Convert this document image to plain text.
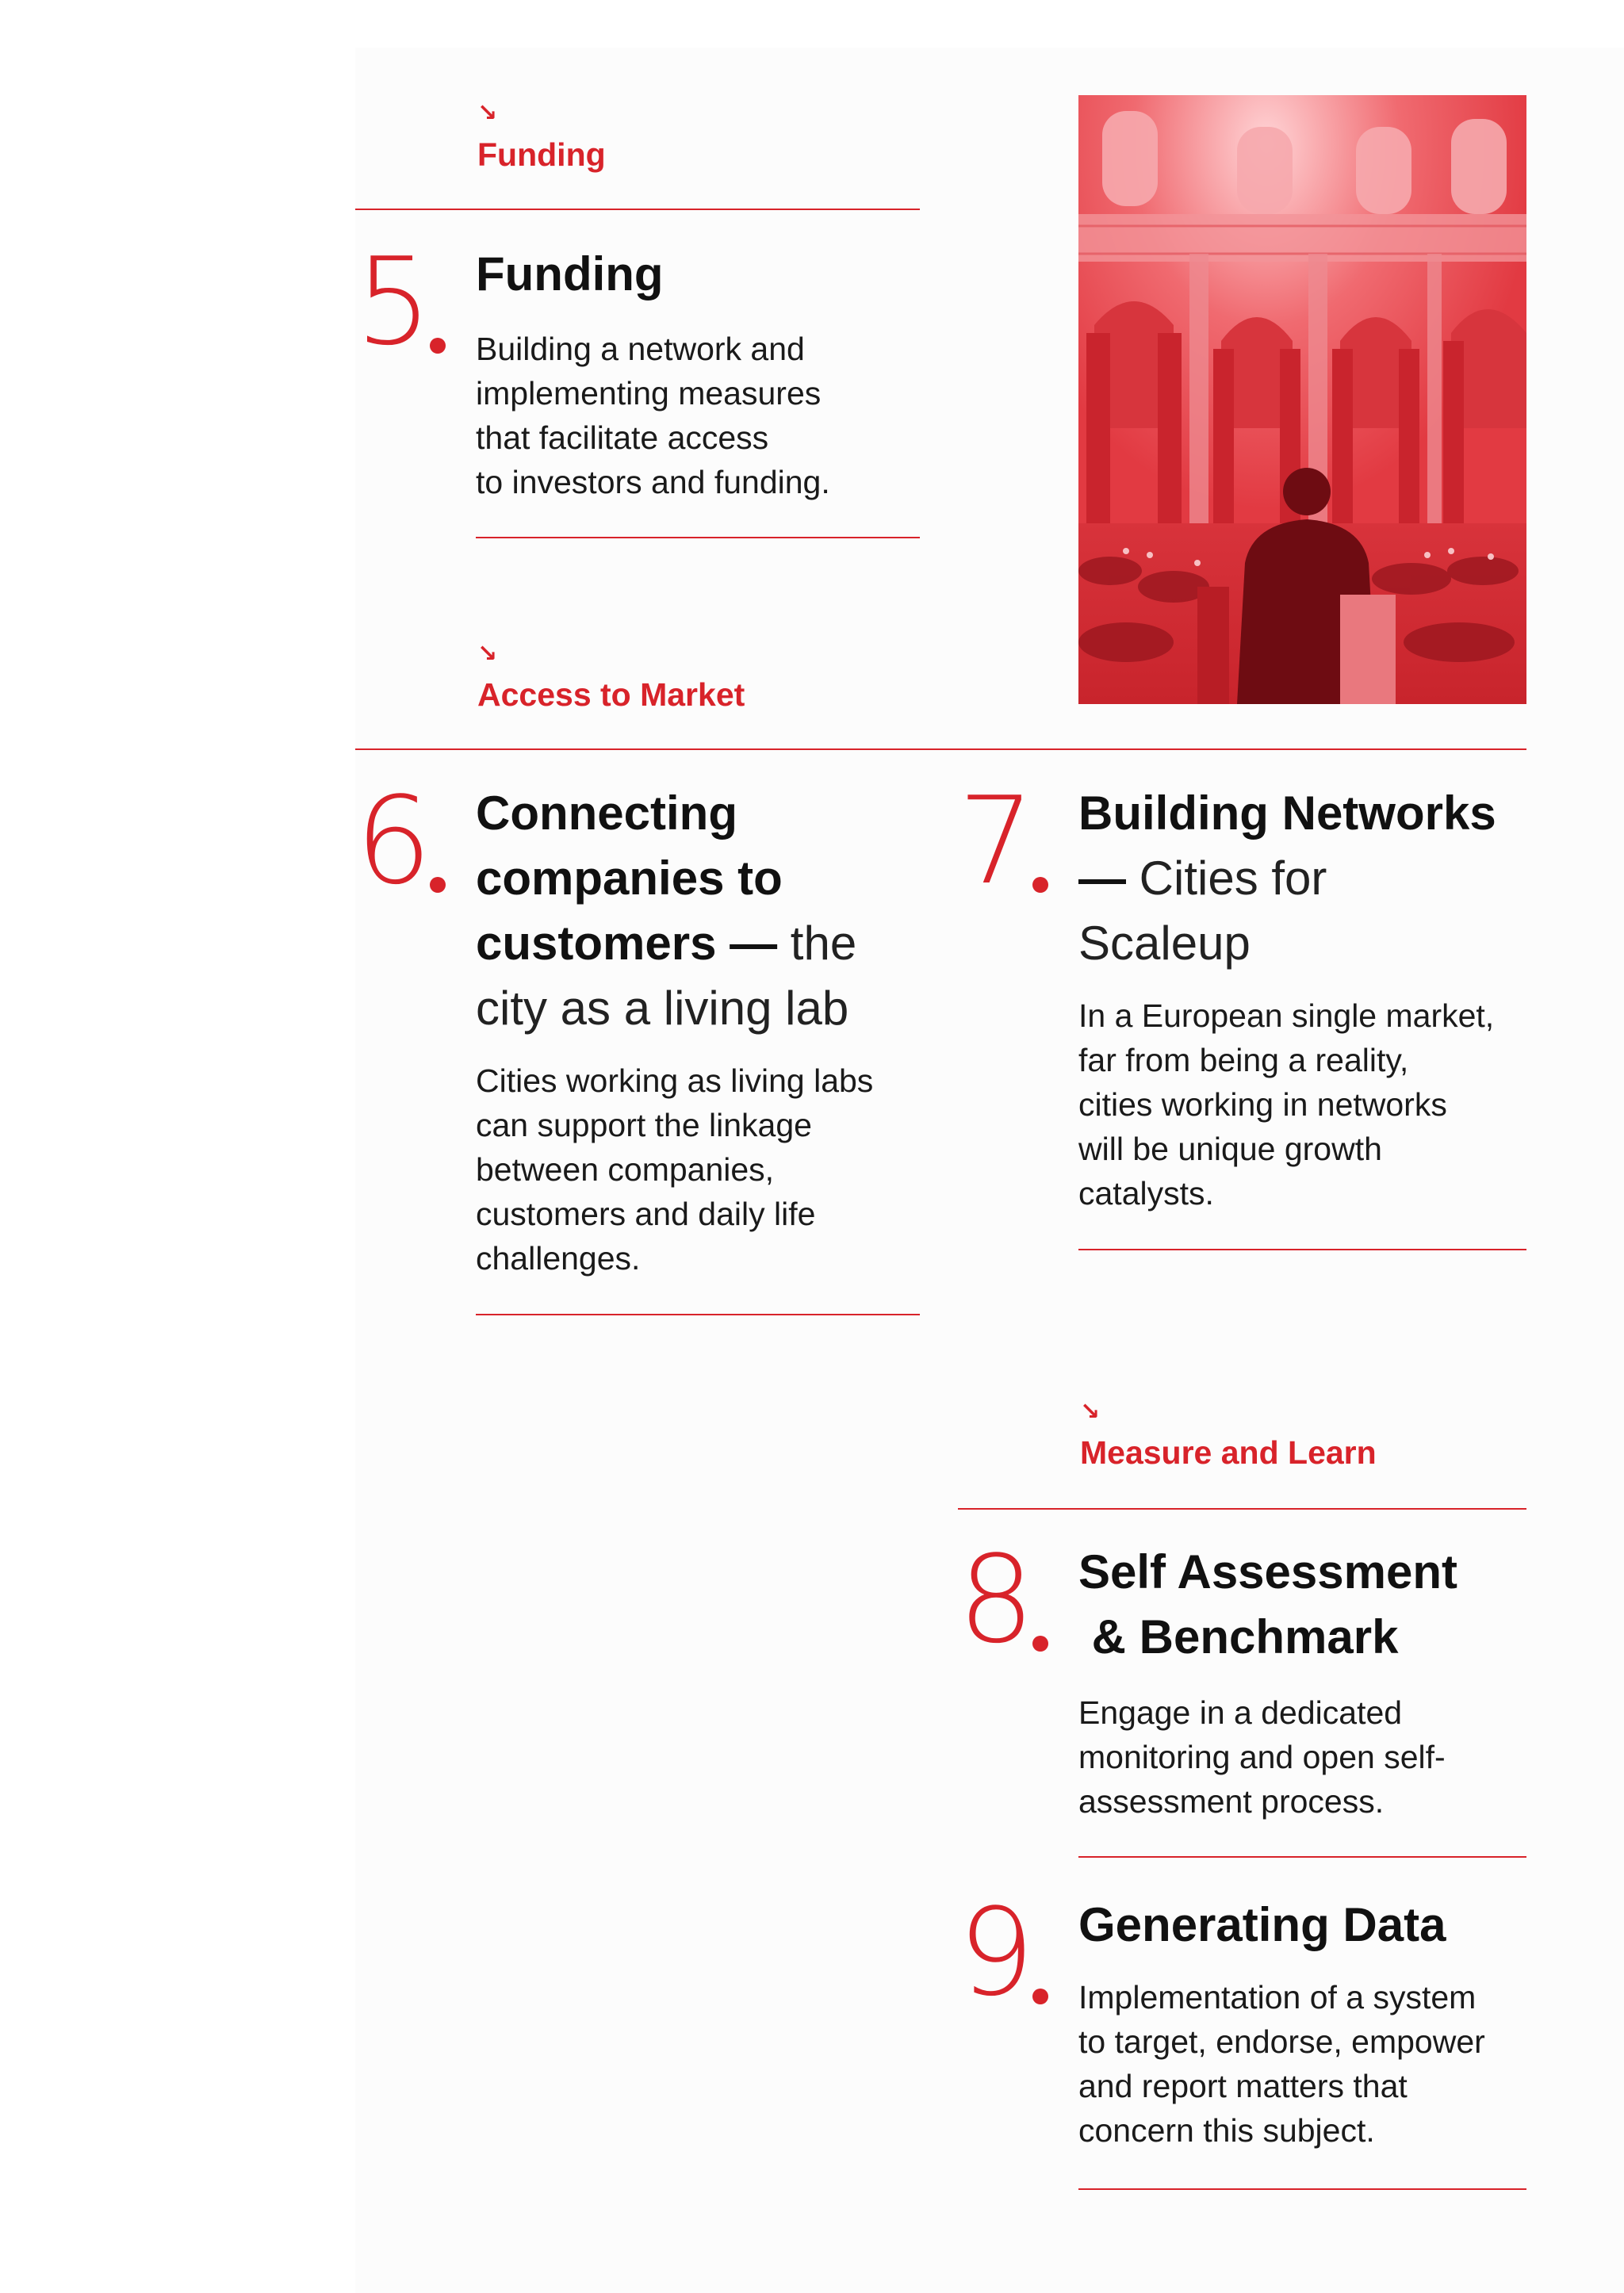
↘
Funding
5 Funding
Building a network and
implementing measures
that facilitate access
to investors and funding.
↘
Access to Market
6 Connecting
companies to
customers — the
city as a living lab
Cities working as living labs
can support the linkage
between companies,
customers and daily life
challenges.
7 Building Networks
— Cities for
Scaleup
In a European single market,
far from being a reality,
cities working in networks
will be unique growth
catalysts.
↘
Measure and Learn
8 Self Assessment
& Benchmark
Engage in a dedicated
monitoring and open self-
assessment process.
9 Generating Data
Implementation of a system
to target, endorse, empower
and report matters that
concern this subject.
